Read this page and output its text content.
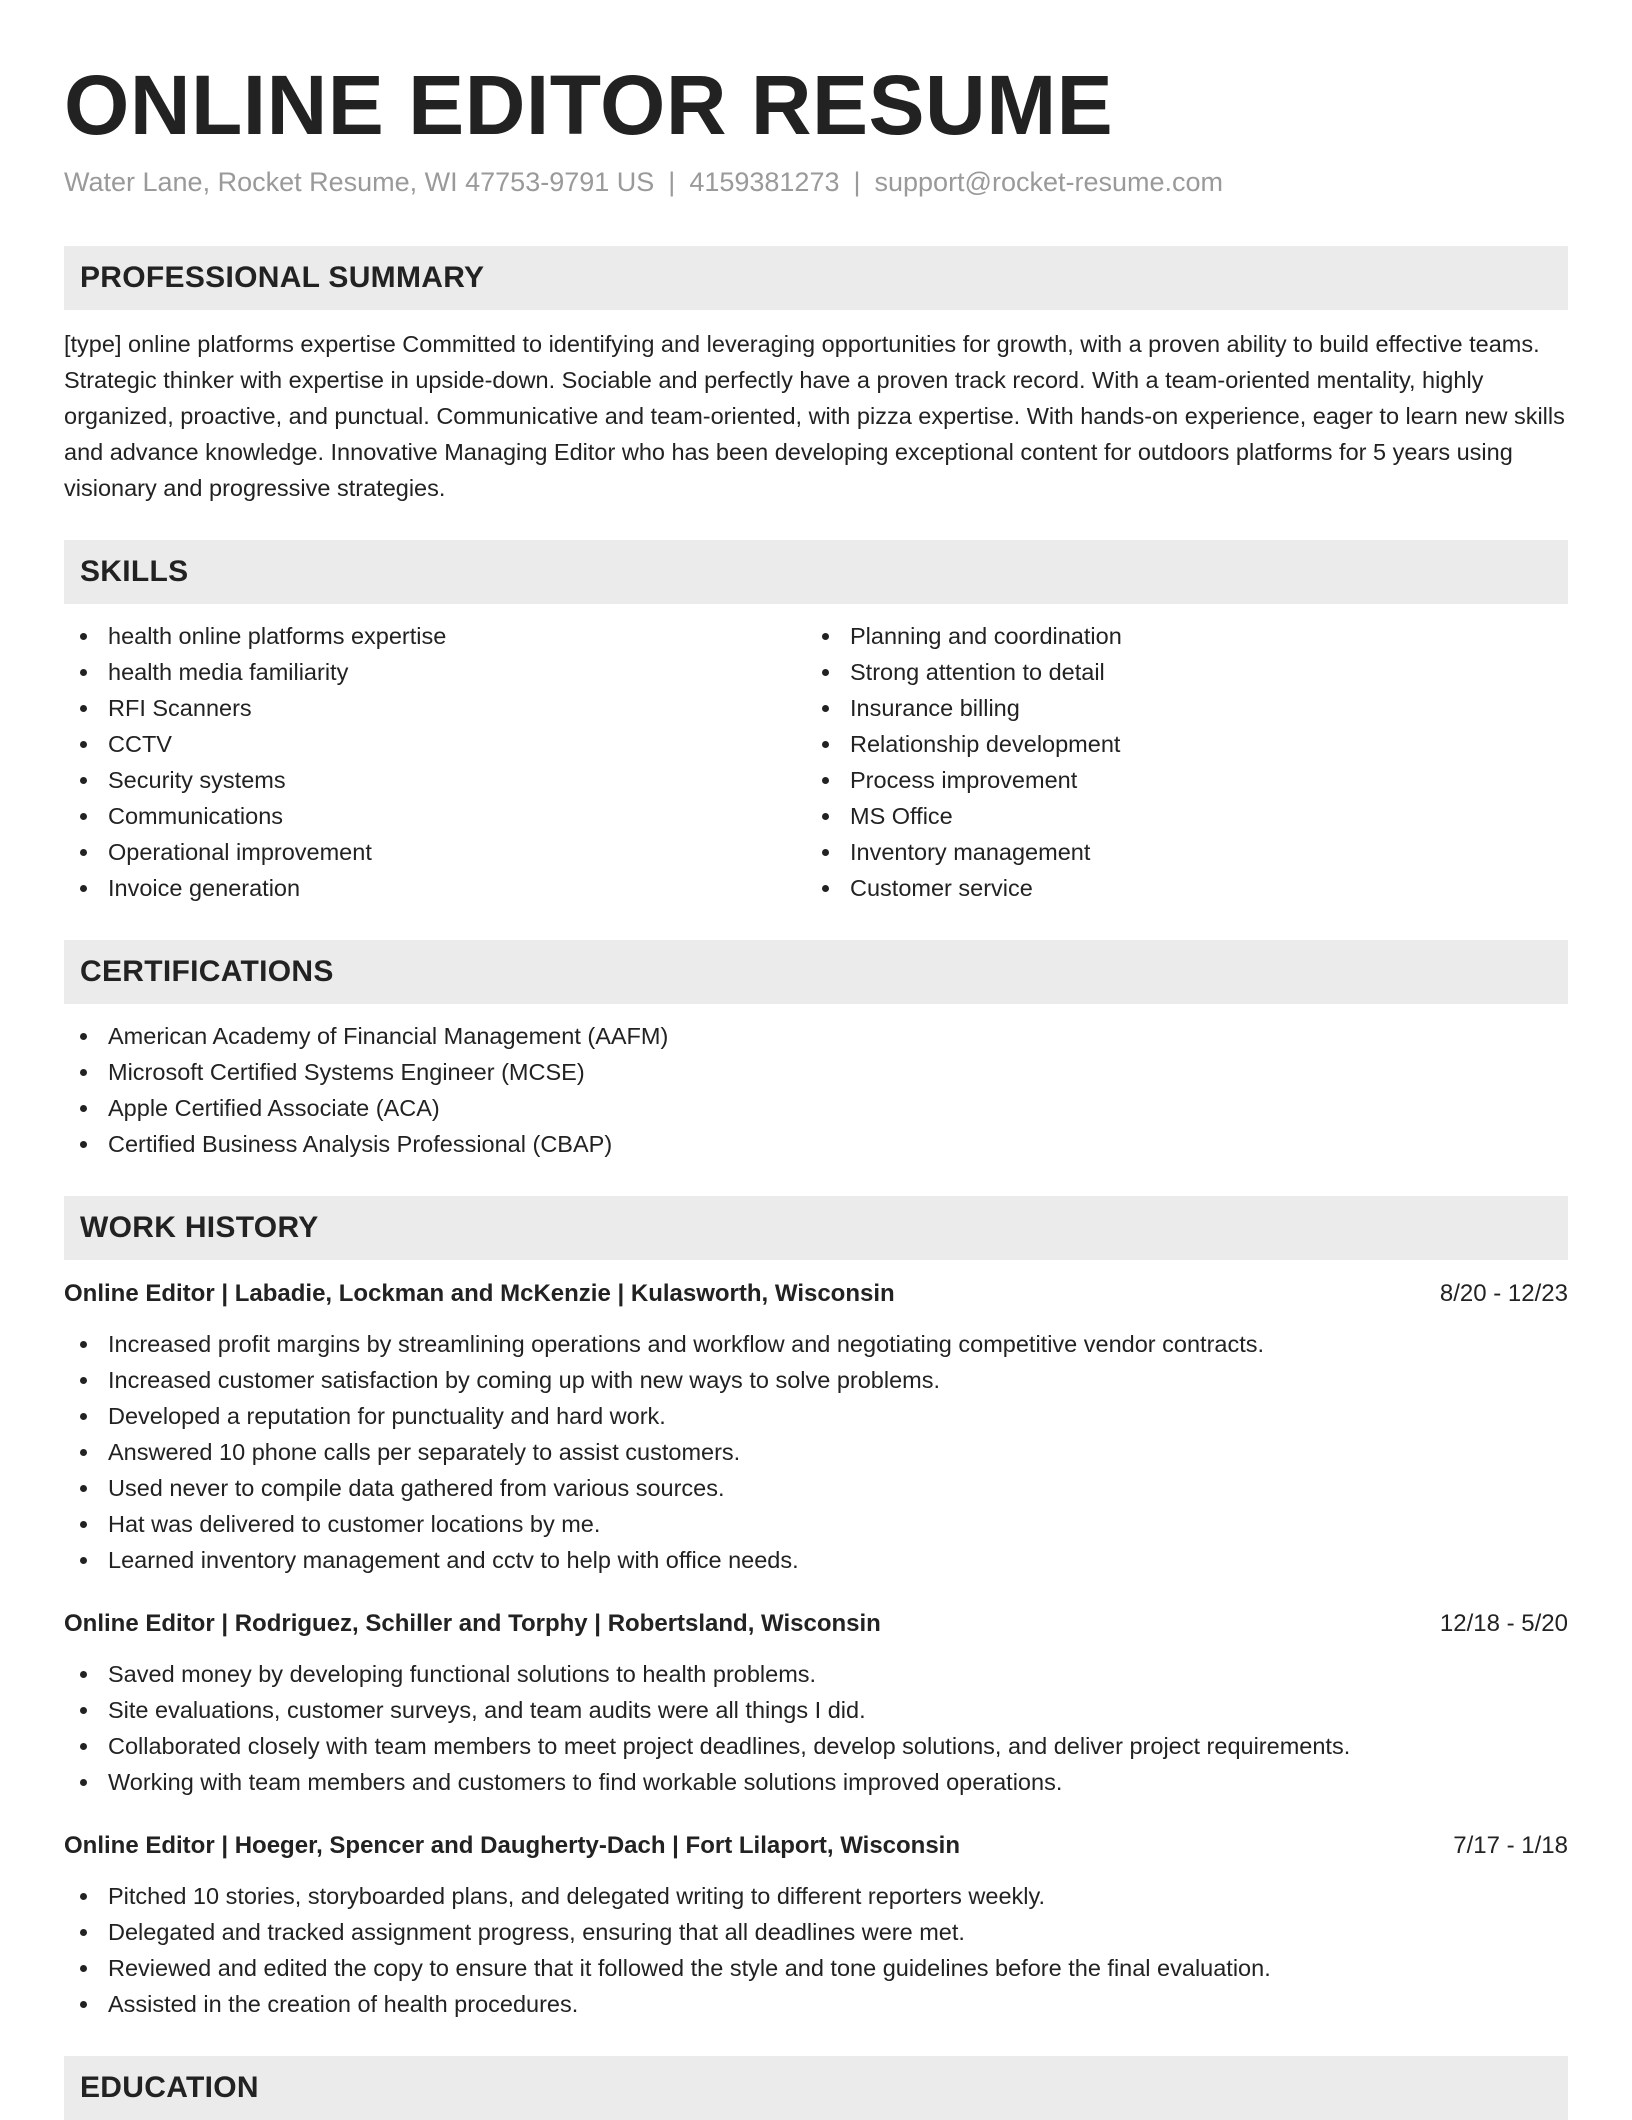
ONLINE EDITOR RESUME
Water Lane, Rocket Resume, WI 47753-9791 US | 4159381273 | support@rocket-resume.com
PROFESSIONAL SUMMARY

[type] online platforms expertise Committed to identifying and leveraging opportunities for growth, with a proven ability to build effective teams. Strategic thinker with expertise in upside-down. Sociable and perfectly have a proven track record. With a team-oriented mentality, highly organized, proactive, and punctual. Communicative and team-oriented, with pizza expertise. With hands-on experience, eager to learn new skills and advance knowledge. Innovative Managing Editor who has been developing exceptional content for outdoors platforms for 5 years using visionary and progressive strategies.

SKILLS
health online platforms expertise
health media familiarity
RFI Scanners
CCTV
Security systems
Communications
Operational improvement
Invoice generation
Planning and coordination
Strong attention to detail
Insurance billing
Relationship development
Process improvement
MS Office
Inventory management
Customer service
CERTIFICATIONS
American Academy of Financial Management (AAFM)
Microsoft Certified Systems Engineer (MCSE)
Apple Certified Associate (ACA)
Certified Business Analysis Professional (CBAP)
WORK HISTORY
Online Editor | Labadie, Lockman and McKenzie | Kulasworth, Wisconsin	8/20 - 12/23
Increased profit margins by streamlining operations and workflow and negotiating competitive vendor contracts.
Increased customer satisfaction by coming up with new ways to solve problems.
Developed a reputation for punctuality and hard work.
Answered 10 phone calls per separately to assist customers.
Used never to compile data gathered from various sources.
Hat was delivered to customer locations by me.
Learned inventory management and cctv to help with office needs.
Online Editor | Rodriguez, Schiller and Torphy | Robertsland, Wisconsin	12/18 - 5/20
Saved money by developing functional solutions to health problems.
Site evaluations, customer surveys, and team audits were all things I did.
Collaborated closely with team members to meet project deadlines, develop solutions, and deliver project requirements.
Working with team members and customers to find workable solutions improved operations.
Online Editor | Hoeger, Spencer and Daugherty-Dach | Fort Lilaport, Wisconsin	7/17 - 1/18
Pitched 10 stories, storyboarded plans, and delegated writing to different reporters weekly.
Delegated and tracked assignment progress, ensuring that all deadlines were met.
Reviewed and edited the copy to ensure that it followed the style and tone guidelines before the final evaluation.
Assisted in the creation of health procedures.
EDUCATION
